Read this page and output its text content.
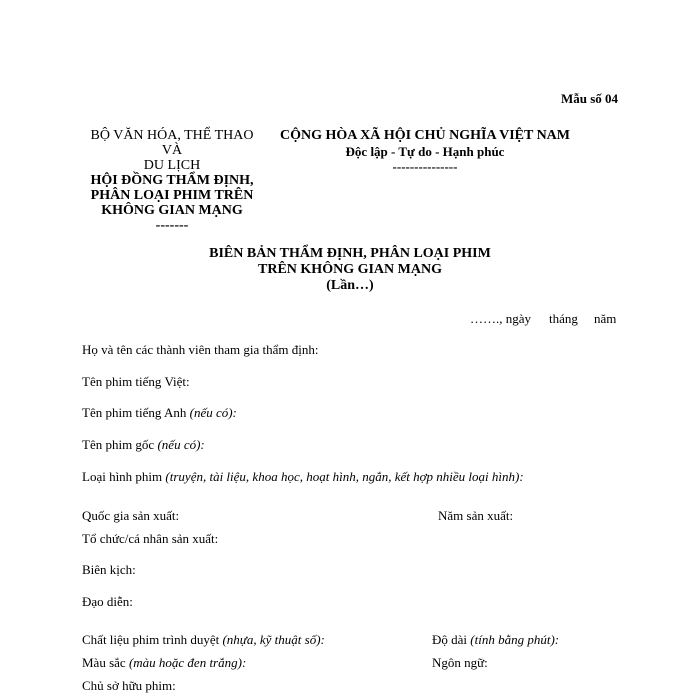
Mẫu số 04
BỘ VĂN HÓA, THỂ THAO
VÀ
DU LỊCH
HỘI ĐỒNG THẨM ĐỊNH,
PHÂN LOẠI PHIM TRÊN
KHÔNG GIAN MẠNG
-------
CỘNG HÒA XÃ HỘI CHỦ NGHĨA VIỆT NAM
Độc lập - Tự do - Hạnh phúc
---------------
BIÊN BẢN THẨM ĐỊNH, PHÂN LOẠI PHIM
TRÊN KHÔNG GIAN MẠNG
(Lần…)
……., ngày tháng năm
Họ và tên các thành viên tham gia thẩm định:
Tên phim tiếng Việt:
Tên phim tiếng Anh (nếu có):
Tên phim gốc (nếu có):
Loại hình phim (truyện, tài liệu, khoa học, hoạt hình, ngắn, kết hợp nhiều loại hình):
Quốc gia sản xuất:	Năm sản xuất:
Tổ chức/cá nhân sản xuất:
Biên kịch:
Đạo diễn:
Chất liệu phim trình duyệt (nhựa, kỹ thuật số):	Độ dài (tính bằng phút):
Màu sắc (màu hoặc đen trắng):	Ngôn ngữ:
Chủ sở hữu phim:
